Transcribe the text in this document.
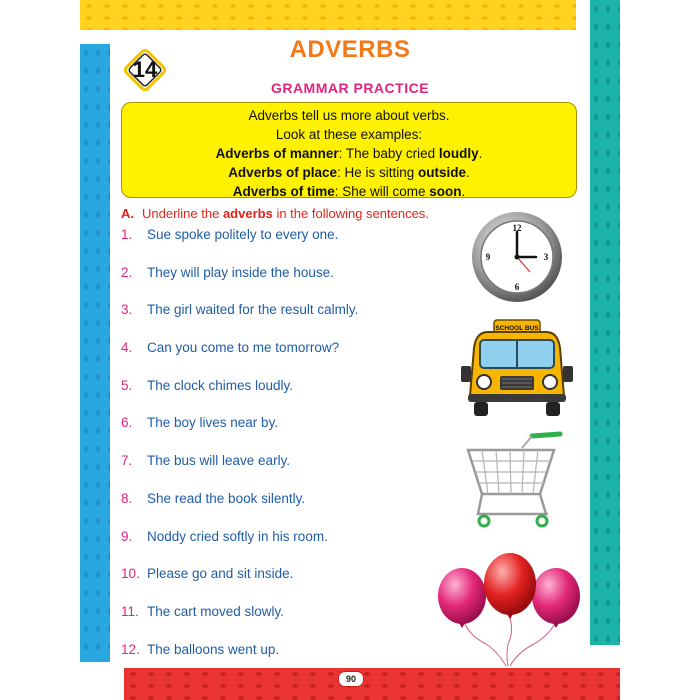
14
ADVERBS
GRAMMAR PRACTICE
Adverbs tell us more about verbs.
Look at these examples:
Adverbs of manner: The baby cried loudly.
Adverbs of place: He is sitting outside.
Adverbs of time: She will come soon.
A. Underline the adverbs in the following sentences.
1.	Sue spoke politely to every one.
2.	They will play inside the house.
3.	The girl waited for the result calmly.
4.	Can you come to me tomorrow?
5.	The clock chimes loudly.
6.	The boy lives near by.
7.	The bus will leave early.
8.	She read the book silently.
9.	Noddy cried softly in his room.
10. Please go and sit inside.
11. The cart moved slowly.
12. The balloons went up.
12
3
6
9
SCHOOL BUS
90
